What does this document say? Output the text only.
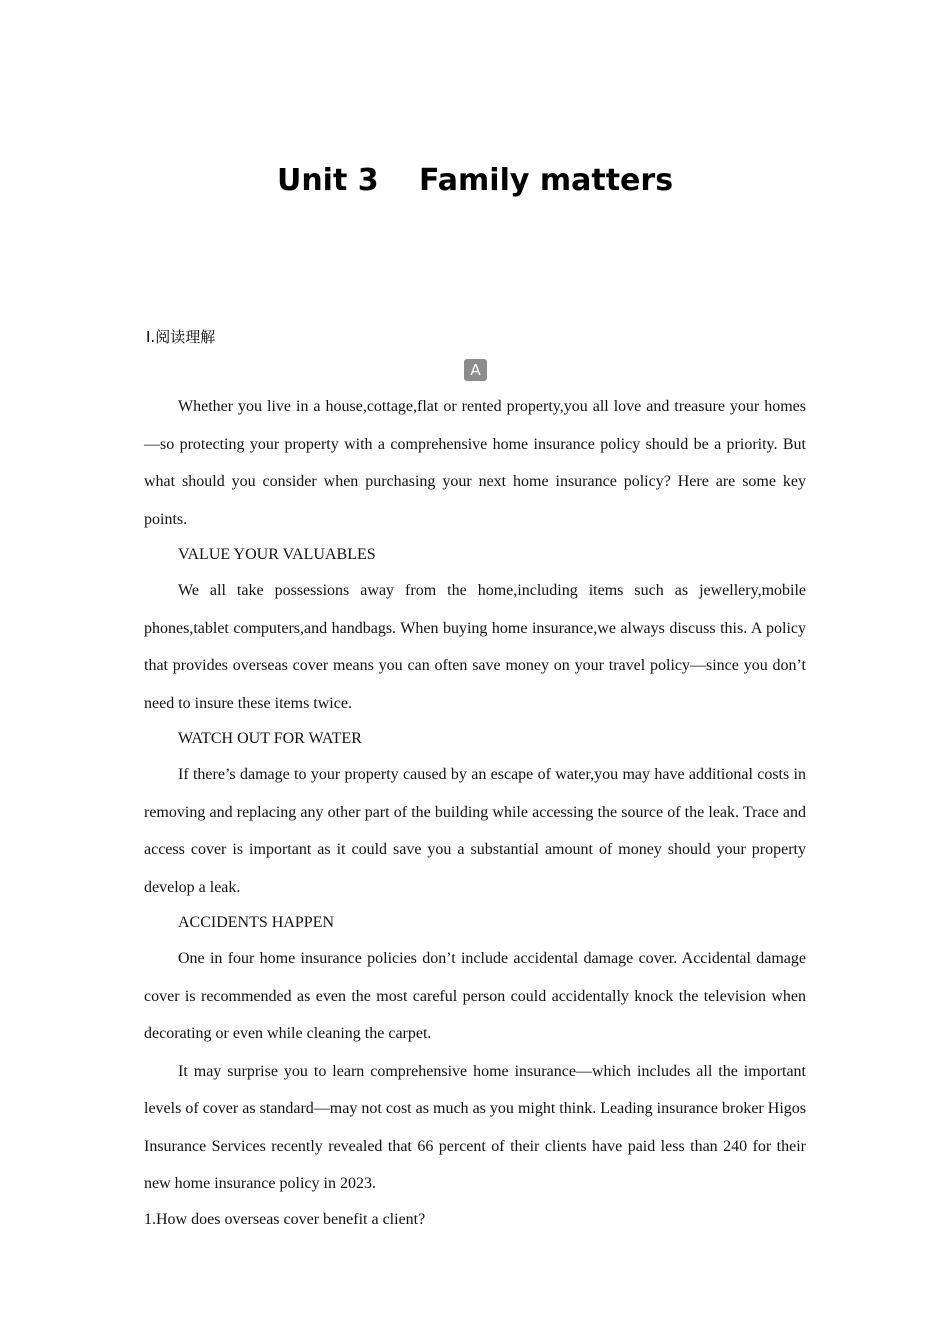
Unit 3　 Family matters
Ⅰ.阅读理解
A

Whether you live in a house,cottage,flat or rented property,you all love and treasure your homes—so protecting your property with a comprehensive home insurance policy should be a priority. But what should you consider when purchasing your next home insurance policy? Here are some key points.

VALUE YOUR VALUABLES

We all take possessions away from the home,including items such as jewellery,mobile phones,tablet computers,and handbags. When buying home insurance,we always discuss this. A policy that provides overseas cover means you can often save money on your travel policy—since you don’t need to insure these items twice.

WATCH OUT FOR WATER

If there’s damage to your property caused by an escape of water,you may have additional costs in removing and replacing any other part of the building while accessing the source of the leak. Trace and access cover is important as it could save you a substantial amount of money should your property develop a leak.

ACCIDENTS HAPPEN

One in four home insurance policies don’t include accidental damage cover. Accidental damage cover is recommended as even the most careful person could accidentally knock the television when decorating or even while cleaning the carpet.

It may surprise you to learn comprehensive home insurance—which includes all the important levels of cover as standard—may not cost as much as you might think. Leading insurance broker Higos Insurance Services recently revealed that 66 percent of their clients have paid less than 240 for their new home insurance policy in 2023.

1.How does overseas cover benefit a client?
